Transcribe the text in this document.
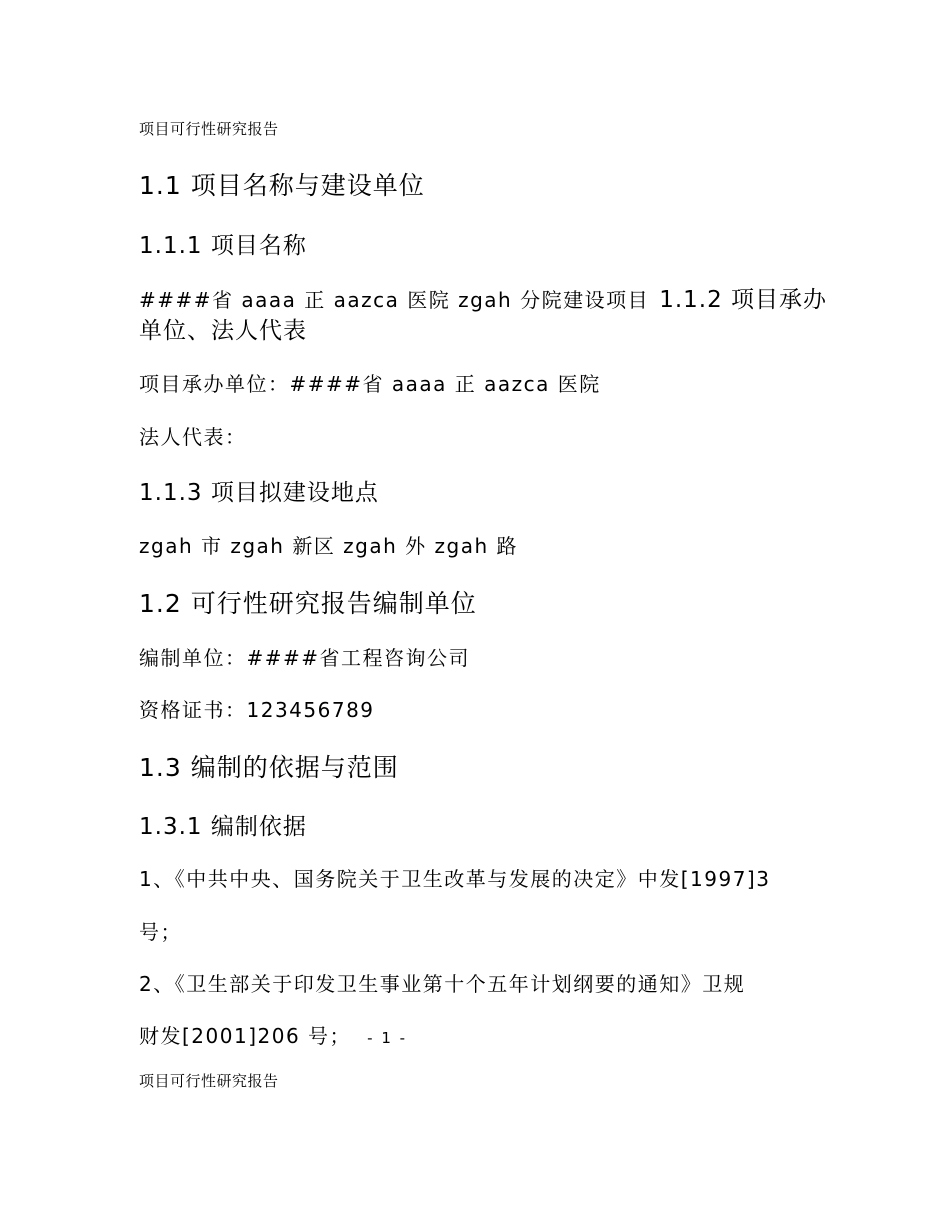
项目可行性研究报告
1.1 项目名称与建设单位
1.1.1 项目名称
####省 aaaa 正 aazca 医院 zgah 分院建设项目 1.1.2 项目承办
单位、法人代表
项目承办单位：####省 aaaa 正 aazca 医院
法人代表：
1.1.3 项目拟建设地点
zgah 市 zgah 新区 zgah 外 zgah 路
1.2 可行性研究报告编制单位
编制单位：####省工程咨询公司
资格证书：123456789
1.3 编制的依据与范围
1.3.1 编制依据
1、《中共中央、国务院关于卫生改革与发展的决定》中发[1997]3
号；
2、《卫生部关于印发卫生事业第十个五年计划纲要的通知》卫规
财发[2001]206 号； - 1 -
项目可行性研究报告
